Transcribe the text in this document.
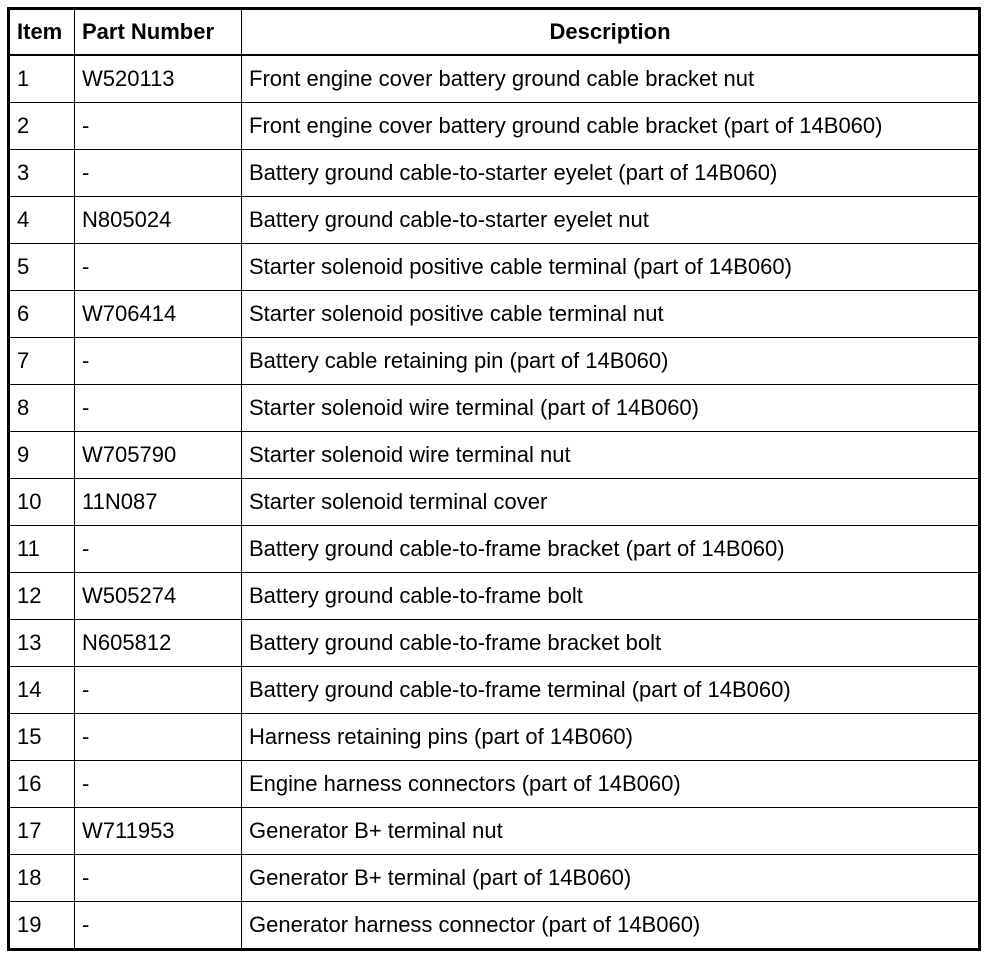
Item	Part Number	Description
1	W520113	Front engine cover battery ground cable bracket nut
2	-	Front engine cover battery ground cable bracket (part of 14B060)
3	-	Battery ground cable-to-starter eyelet (part of 14B060)
4	N805024	Battery ground cable-to-starter eyelet nut
5	-	Starter solenoid positive cable terminal (part of 14B060)
6	W706414	Starter solenoid positive cable terminal nut
7	-	Battery cable retaining pin (part of 14B060)
8	-	Starter solenoid wire terminal (part of 14B060)
9	W705790	Starter solenoid wire terminal nut
10	11N087	Starter solenoid terminal cover
11	-	Battery ground cable-to-frame bracket (part of 14B060)
12	W505274	Battery ground cable-to-frame bolt
13	N605812	Battery ground cable-to-frame bracket bolt
14	-	Battery ground cable-to-frame terminal (part of 14B060)
15	-	Harness retaining pins (part of 14B060)
16	-	Engine harness connectors (part of 14B060)
17	W711953	Generator B+ terminal nut
18	-	Generator B+ terminal (part of 14B060)
19	-	Generator harness connector (part of 14B060)
